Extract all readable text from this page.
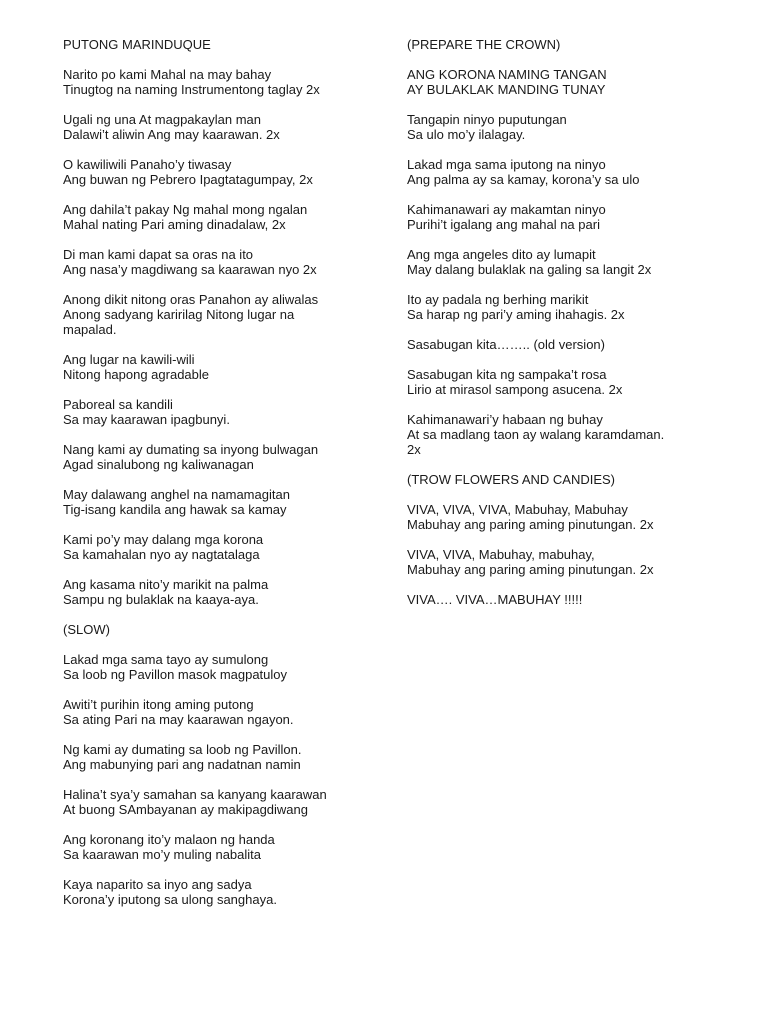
PUTONG MARINDUQUE
Narito po kami Mahal na may bahay
Tinugtog na naming Instrumentong taglay 2x
Ugali ng una At magpakaylan man
Dalawi’t aliwin Ang may kaarawan. 2x
O kawiliwili Panaho’y tiwasay
Ang buwan ng Pebrero Ipagtatagumpay, 2x
Ang dahila’t pakay Ng mahal mong ngalan
Mahal nating Pari aming dinadalaw, 2x
Di man kami dapat sa oras na ito
Ang nasa’y magdiwang sa kaarawan nyo 2x
Anong dikit nitong oras Panahon ay aliwalas
Anong sadyang karirilag Nitong lugar na
mapalad.
Ang lugar na kawili-wili
Nitong hapong agradable
Paboreal sa kandili
Sa may kaarawan ipagbunyi.
Nang kami ay dumating sa inyong bulwagan
Agad sinalubong ng kaliwanagan
May dalawang anghel na namamagitan
Tig-isang kandila ang hawak sa kamay
Kami po’y may dalang mga korona
Sa kamahalan nyo ay nagtatalaga
Ang kasama nito’y marikit na palma
Sampu ng bulaklak na kaaya-aya.
(SLOW)
Lakad mga sama tayo ay sumulong
Sa loob ng Pavillon masok magpatuloy
Awiti’t purihin itong aming putong
Sa ating Pari na may kaarawan ngayon.
Ng kami ay dumating sa loob ng Pavillon.
Ang mabunying pari ang nadatnan namin
Halina’t sya’y samahan sa kanyang kaarawan
At buong SAmbayanan ay makipagdiwang
Ang koronang ito’y malaon ng handa
Sa kaarawan mo’y muling nabalita
Kaya naparito sa inyo ang sadya
Korona’y iputong sa ulong sanghaya.
(PREPARE THE CROWN)
ANG KORONA NAMING TANGAN
AY BULAKLAK MANDING TUNAY
Tangapin ninyo puputungan
Sa ulo mo’y ilalagay.
Lakad mga sama iputong na ninyo
Ang palma ay sa kamay, korona’y sa ulo
Kahimanawari ay makamtan ninyo
Purihi’t igalang ang mahal na pari
Ang mga angeles dito ay lumapit
May dalang bulaklak na galing sa langit 2x
Ito ay padala ng berhing marikit
Sa harap ng pari’y aming ihahagis. 2x
Sasabugan kita…….. (old version)
Sasabugan kita ng sampaka’t rosa
Lirio at mirasol sampong asucena. 2x
Kahimanawari’y habaan ng buhay
At sa madlang taon ay walang karamdaman.
2x
(TROW FLOWERS AND CANDIES)
VIVA, VIVA, VIVA, Mabuhay, Mabuhay
Mabuhay ang paring aming pinutungan. 2x
VIVA, VIVA, Mabuhay, mabuhay,
Mabuhay ang paring aming pinutungan. 2x
VIVA…. VIVA…MABUHAY !!!!!
